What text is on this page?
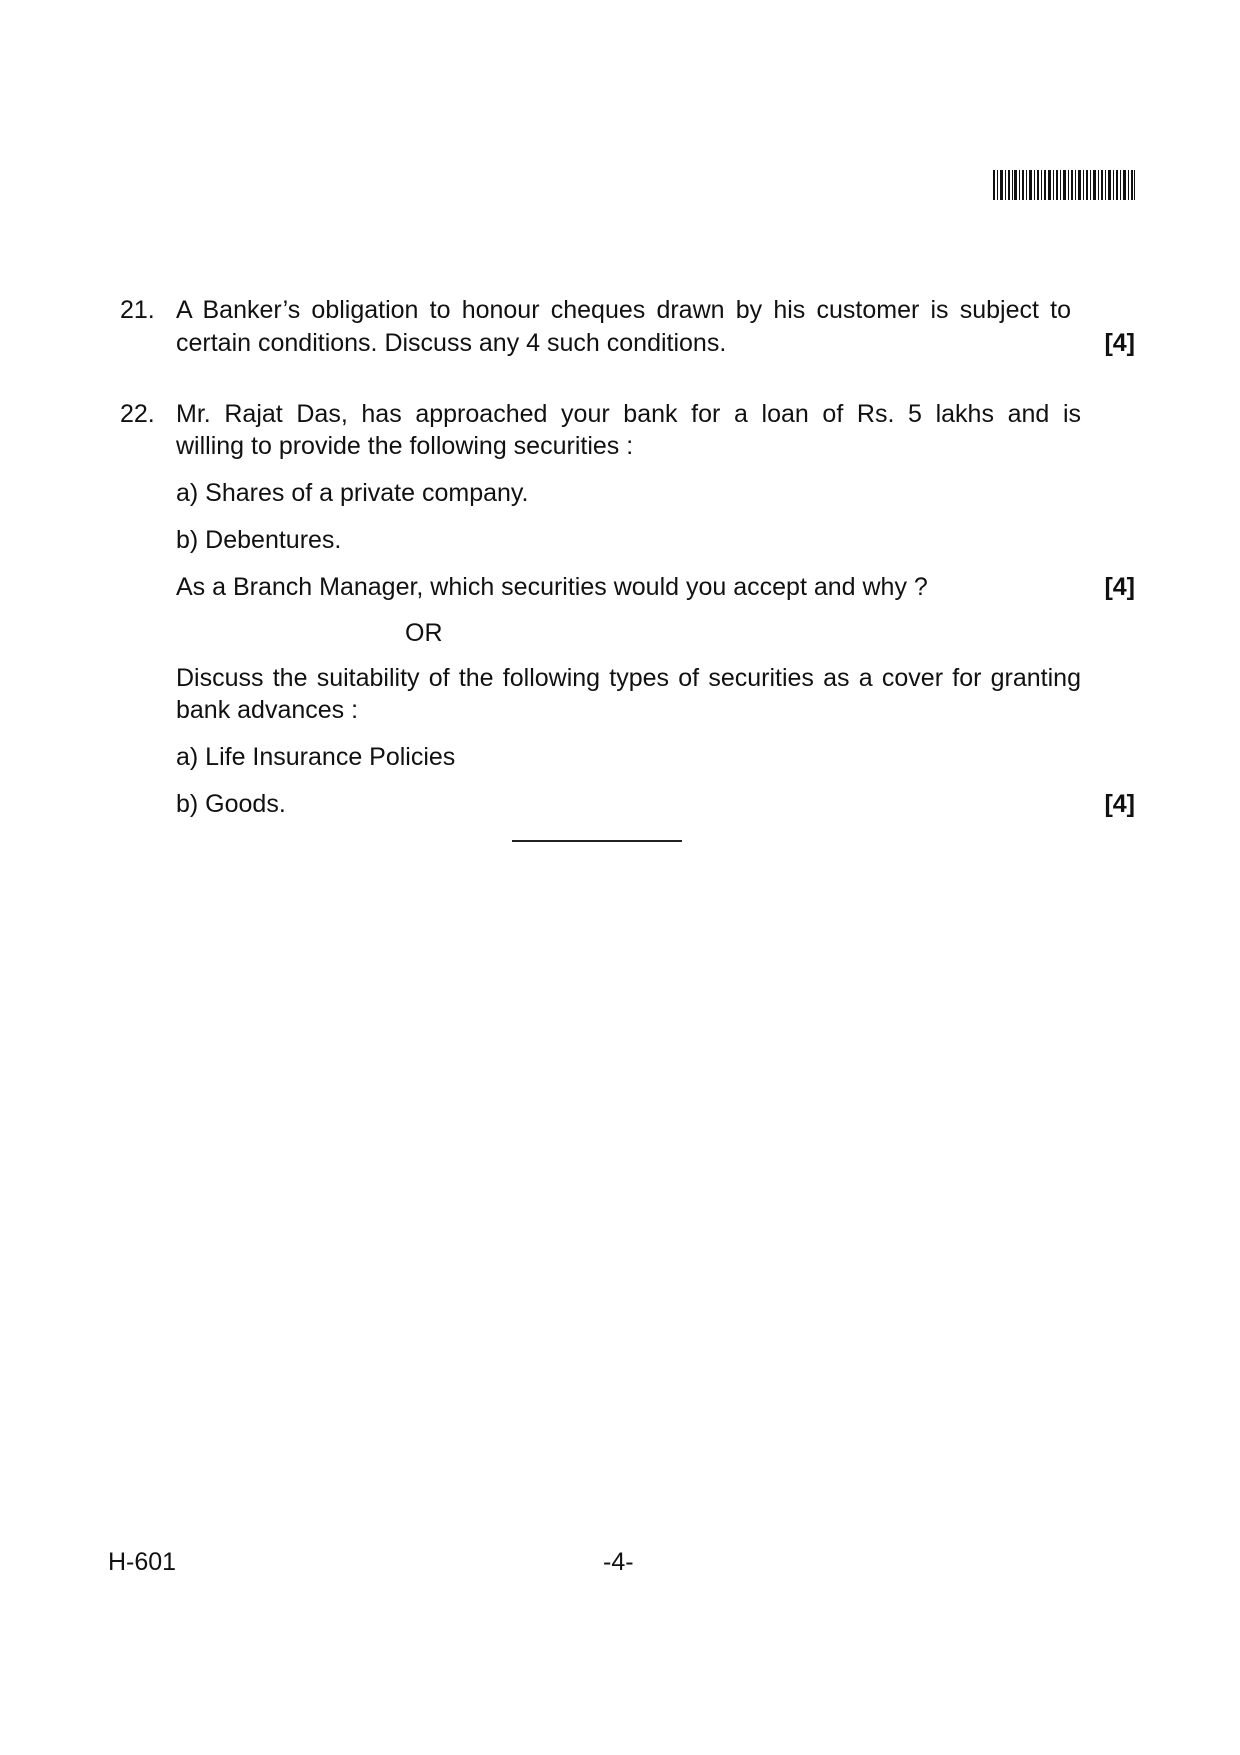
21. A Banker’s obligation to honour cheques drawn by his customer is subject to
certain conditions. Discuss any 4 such conditions.	[4]
22. Mr. Rajat Das, has approached your bank for a loan of Rs. 5 lakhs and is
willing to provide the following securities :
a) Shares of a private company.
b) Debentures.
As a Branch Manager, which securities would you accept and why ?	[4]
OR
Discuss the suitability of the following types of securities as a cover for granting
bank advances :
a) Life Insurance Policies
b) Goods.	[4]
H-601	-4-
